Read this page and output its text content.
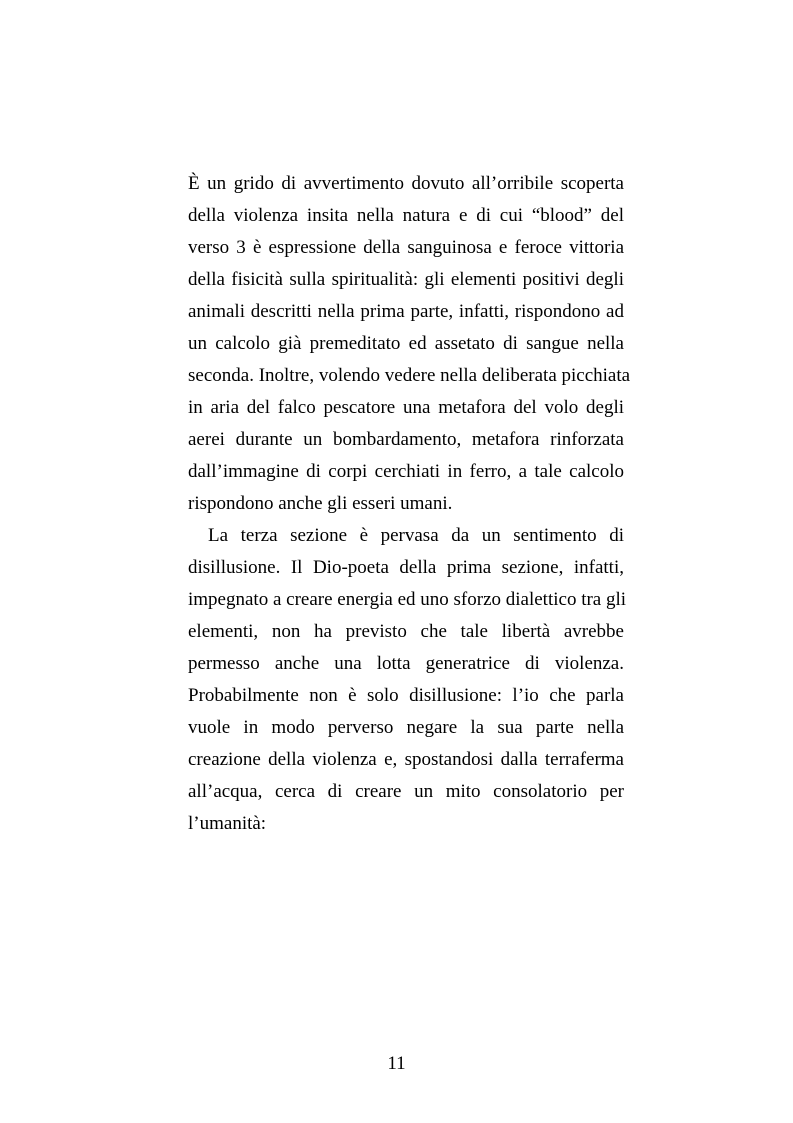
È un grido di avvertimento dovuto all’orribile scoperta
della violenza insita nella natura e di cui “blood” del
verso 3 è espressione della sanguinosa e feroce vittoria
della fisicità sulla spiritualità: gli elementi positivi degli
animali descritti nella prima parte, infatti, rispondono ad
un calcolo già premeditato ed assetato di sangue nella
seconda. Inoltre, volendo vedere nella deliberata picchiata
in aria del falco pescatore una metafora del volo degli
aerei durante un bombardamento, metafora rinforzata
dall’immagine di corpi cerchiati in ferro, a tale calcolo
rispondono anche gli esseri umani.
La terza sezione è pervasa da un sentimento di
disillusione. Il Dio-poeta della prima sezione, infatti,
impegnato a creare energia ed uno sforzo dialettico tra gli
elementi, non ha previsto che tale libertà avrebbe
permesso anche una lotta generatrice di violenza.
Probabilmente non è solo disillusione: l’io che parla
vuole in modo perverso negare la sua parte nella
creazione della violenza e, spostandosi dalla terraferma
all’acqua, cerca di creare un mito consolatorio per
l’umanità:
11
